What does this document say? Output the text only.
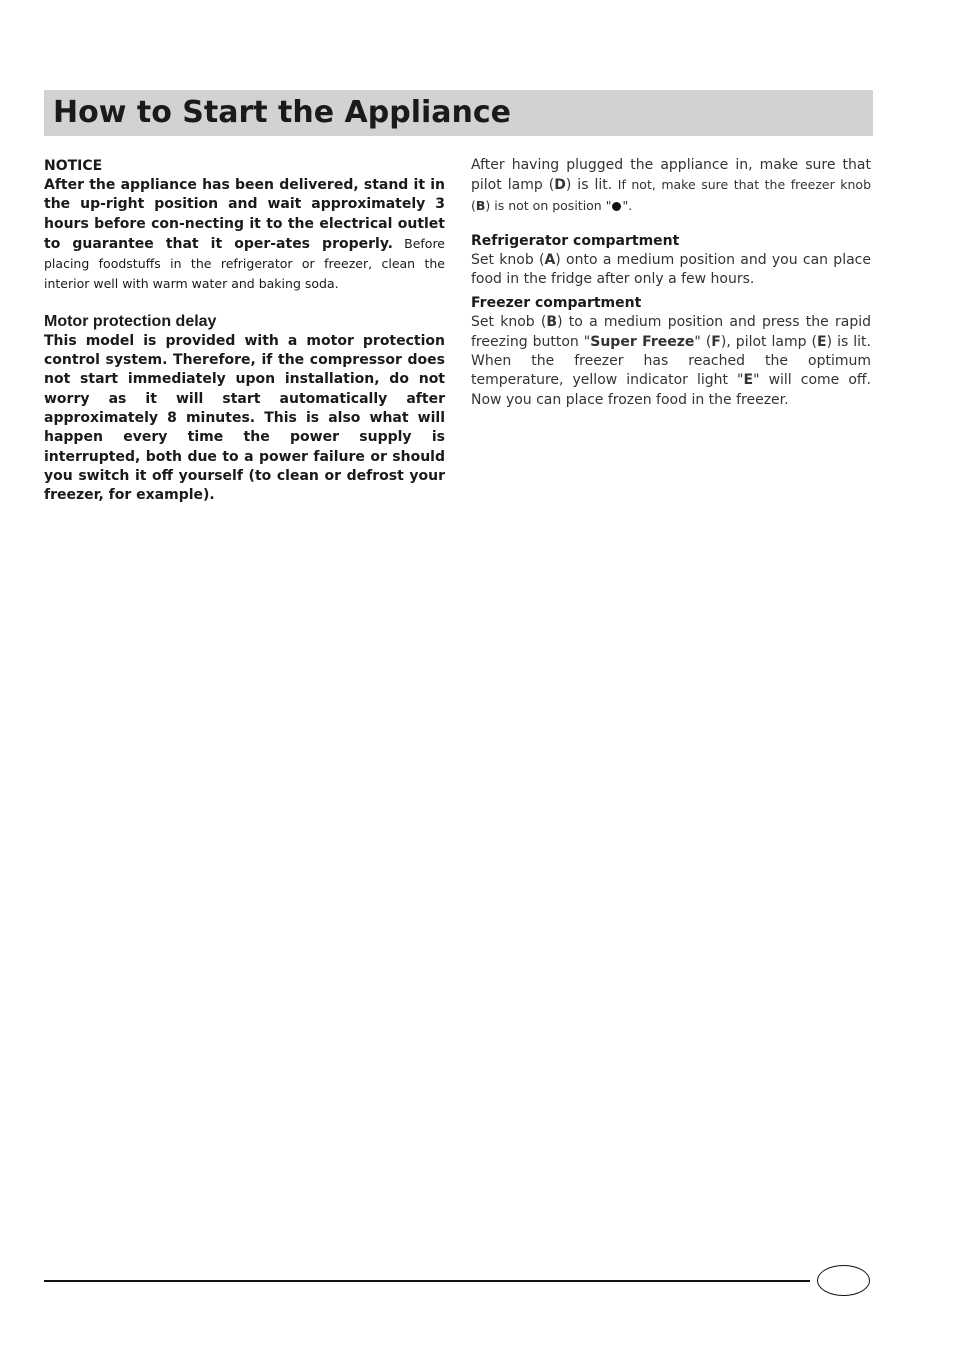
How to Start the Appliance

NOTICE

After the appliance has been delivered, stand it in the up-right position and wait approximately 3 hours before con-necting it to the electrical outlet to guarantee that it oper-ates properly. Before placing foodstuffs in the refrigerator or freezer, clean the interior well with warm water and baking soda.

Motor protection delay

This model is provided with a motor protection control system. Therefore, if the compressor does not start immediately upon installation, do not worry as it will start automatically after approximately 8 minutes. This is also what will happen every time the power supply is interrupted, both due to a power failure or should you switch it off yourself (to clean or defrost your freezer, for example).

After having plugged the appliance in, make sure that pilot lamp (D) is lit. If not, make sure that the freezer knob (B) is not on position " ".

Refrigerator compartment

Set knob (A) onto a medium position and you can place food in the fridge after only a few hours.

Freezer compartment

Set knob (B) to a medium position and press the rapid freezing button "Super Freeze" (F), pilot lamp (E) is lit. When the freezer has reached the optimum temperature, yellow indicator light "E" will come off. Now you can place frozen food in the freezer.
